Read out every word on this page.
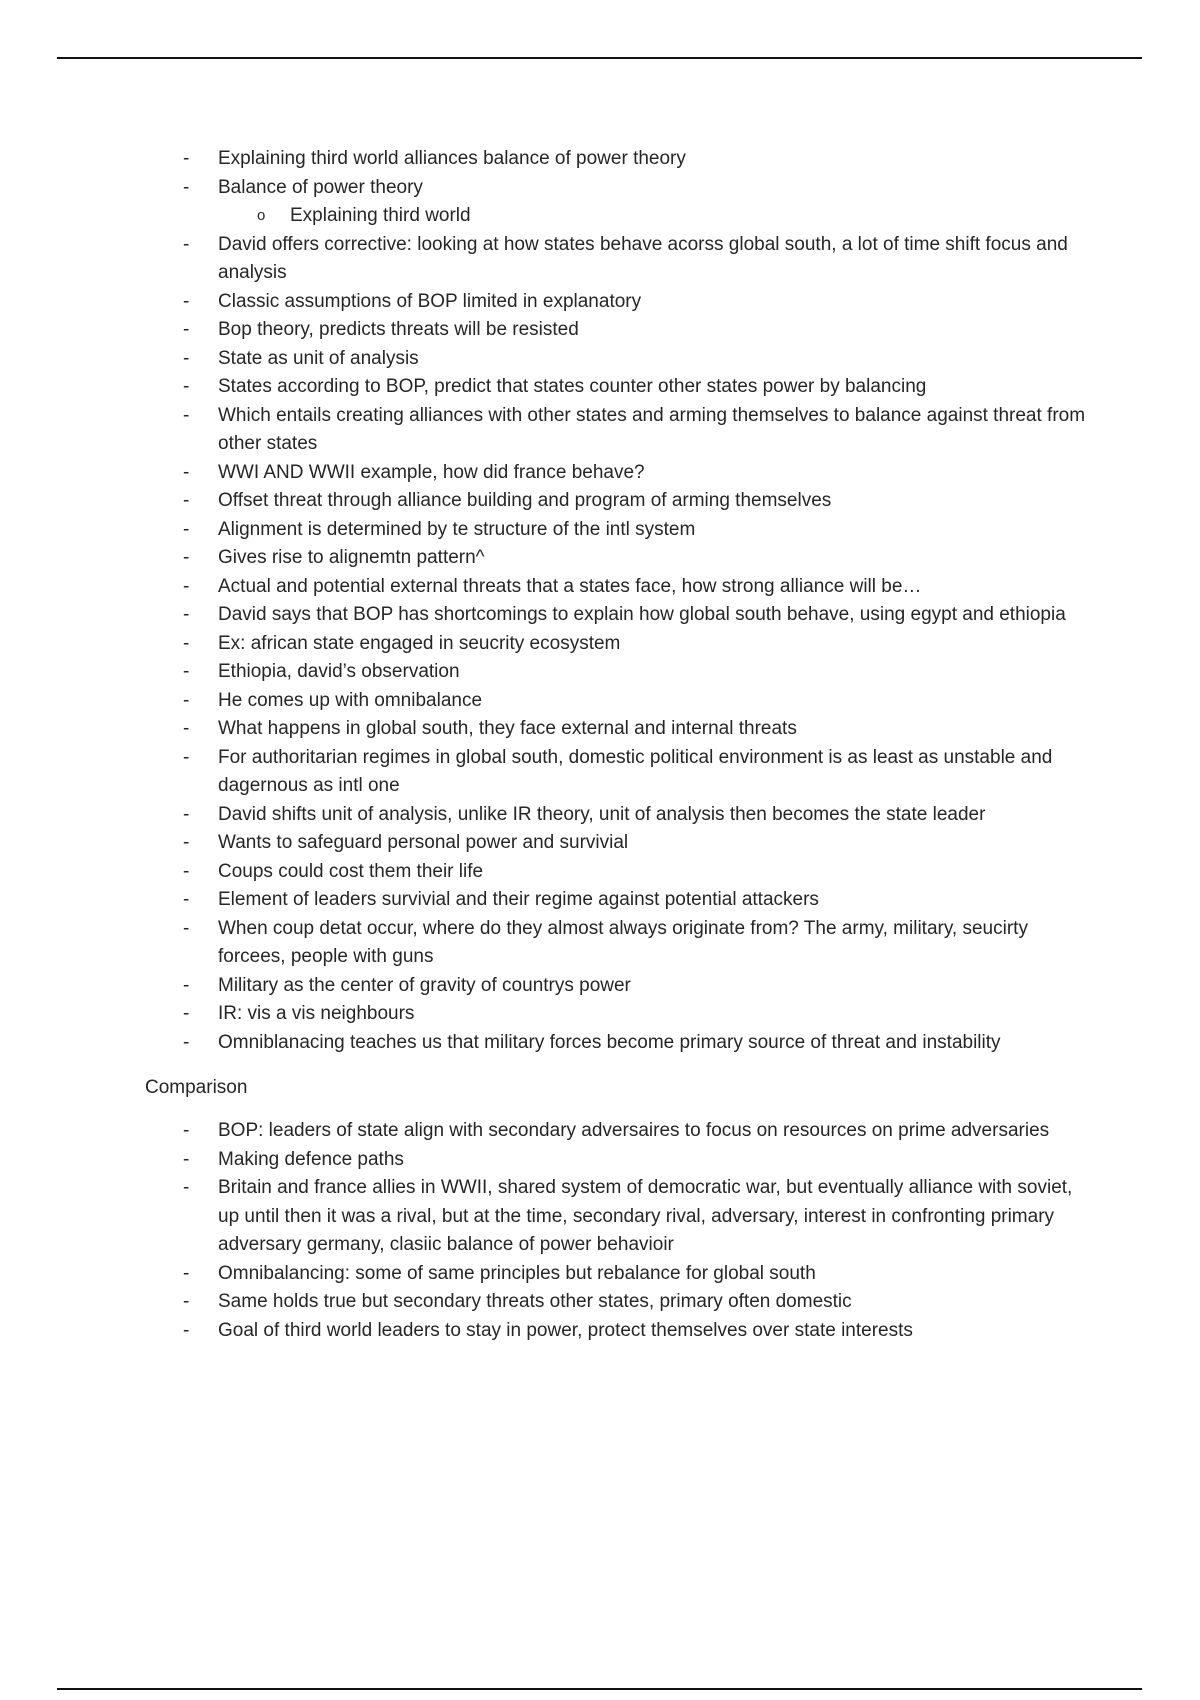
- Explaining third world alliances balance of power theory
- Balance of power theory
o Explaining third world
- David offers corrective: looking at how states behave acorss global south, a lot of time shift focus and analysis
- Classic assumptions of BOP limited in explanatory
- Bop theory, predicts threats will be resisted
- State as unit of analysis
- States according to BOP, predict that states counter other states power by balancing
- Which entails creating alliances with other states and arming themselves to balance against threat from other states
- WWI AND WWII example, how did france behave?
- Offset threat through alliance building and program of arming themselves
- Alignment is determined by te structure of the intl system
- Gives rise to alignemtn pattern^
- Actual and potential external threats that a states face, how strong alliance will be…
- David says that BOP has shortcomings to explain how global south behave, using egypt and ethiopia
- Ex: african state engaged in seucrity ecosystem
- Ethiopia, david’s observation
- He comes up with omnibalance
- What happens in global south, they face external and internal threats
- For authoritarian regimes in global south, domestic political environment is as least as unstable and dagernous as intl one
- David shifts unit of analysis, unlike IR theory, unit of analysis then becomes the state leader
- Wants to safeguard personal power and survivial
- Coups could cost them their life
- Element of leaders survivial and their regime against potential attackers
- When coup detat occur, where do they almost always originate from? The army, military, seucirty forcees, people with guns
- Military as the center of gravity of countrys power
- IR: vis a vis neighbours
- Omniblanacing teaches us that military forces become primary source of threat and instability
Comparison
- BOP: leaders of state align with secondary adversaires to focus on resources on prime adversaries
- Making defence paths
- Britain and france allies in WWII, shared system of democratic war, but eventually alliance with soviet, up until then it was a rival, but at the time, secondary rival, adversary, interest in confronting primary adversary germany, clasiic balance of power behavioir
- Omnibalancing: some of same principles but rebalance for global south
- Same holds true but secondary threats other states, primary often domestic
- Goal of third world leaders to stay in power, protect themselves over state interests
